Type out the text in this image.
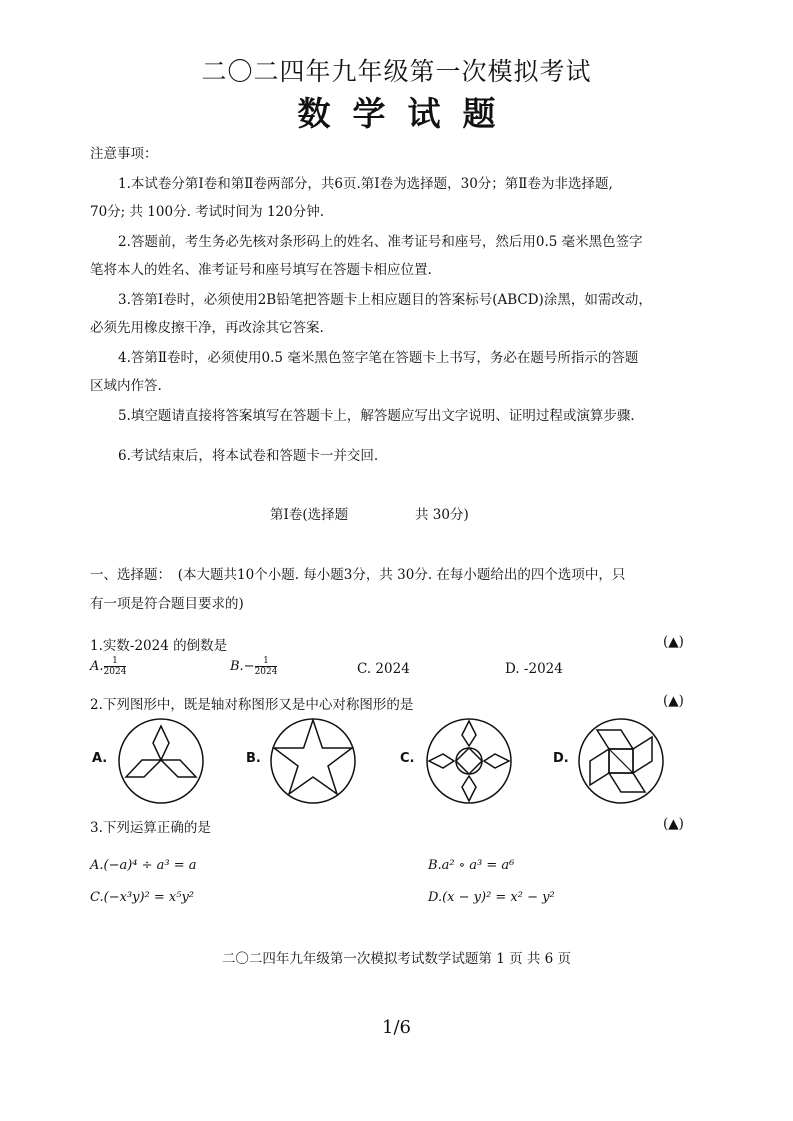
二〇二四年九年级第一次模拟考试
数学试题
注意事项：
1.本试卷分第Ⅰ卷和第Ⅱ卷两部分，共6页.第Ⅰ卷为选择题，30分；第Ⅱ卷为非选择题,
70分; 共 100分. 考试时间为 120分钟.
2.答题前，考生务必先核对条形码上的姓名、准考证号和座号，然后用0.5 毫米黑色签字
笔将本人的姓名、准考证号和座号填写在答题卡相应位置.
3.答第Ⅰ卷时，必须使用2B铅笔把答题卡上相应题目的答案标号(ABCD)涂黑，如需改动，
必须先用橡皮擦干净，再改涂其它答案.
4.答第Ⅱ卷时，必须使用0.5 毫米黑色签字笔在答题卡上书写，务必在题号所指示的答题
区域内作答.
5.填空题请直接将答案填写在答题卡上，解答题应写出文字说明、证明过程或演算步骤.
6.考试结束后，将本试卷和答题卡一并交回.
第Ⅰ卷(选择题	共 30分)
一、选择题：　(本大题共10个小题. 每小题3分，共 30分. 在每小题给出的四个选项中，只
有一项是符合题目要求的)
1.实数-2024 的倒数是	(▲)
A. $\frac{1}{2024}$	$B.- \frac{1}{2024}$	C. 2024	D. -2024
2.下列图形中，既是轴对称图形又是中心对称图形的是	(▲)
A.	B.	C.	D.
3.下列运算正确的是	(▲)
A.(−a)⁴ ÷ a³ = a	B.a² ∘ a³ = a⁶
C.(−x³y)² = x⁵y²	D.(x − y)² = x² − y²
二〇二四年九年级第一次模拟考试数学试题第 1 页 共 6 页
1/6
